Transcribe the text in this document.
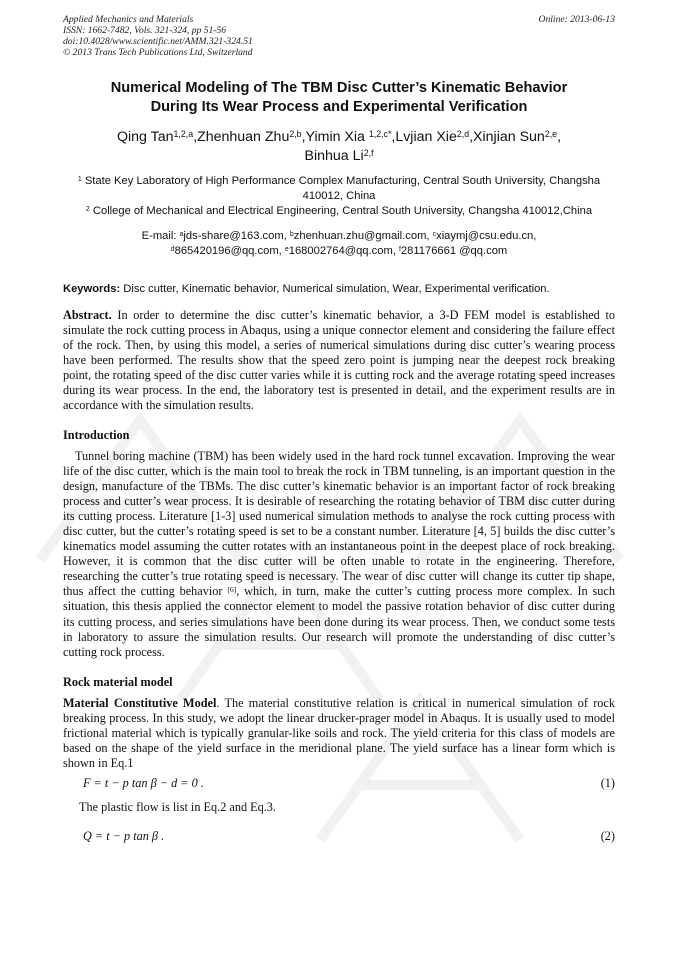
Applied Mechanics and Materials
ISSN: 1662-7482, Vols. 321-324, pp 51-56
doi:10.4028/www.scientific.net/AMM.321-324.51
© 2013 Trans Tech Publications Ltd, Switzerland
Online: 2013-06-13
Numerical Modeling of The TBM Disc Cutter’s Kinematic Behavior
During Its Wear Process and Experimental Verification
Qing Tan$^{1,2,a}$,Zhenhuan Zhu$^{2,b}$,Yimin Xia $^{1,2,c*}$,Lvjian Xie$^{2,d}$,Xinjian Sun$^{2,e}$,
Binhua Li$^{2,f}$
$^1$ State Key Laboratory of High Performance Complex Manufacturing, Central South University, Changsha 410012, China
$^2$ College of Mechanical and Electrical Engineering, Central South University, Changsha 410012,China
E-mail: $^a$jds-share@163.com, $^b$zhenhuan.zhu@gmail.com, $^c$xiaymj@csu.edu.cn,
$^d$865420196@qq.com, $^e$168002764@qq.com, $^f$281176661 @qq.com
Keywords: Disc cutter, Kinematic behavior, Numerical simulation, Wear, Experimental verification.
Abstract. In order to determine the disc cutter’s kinematic behavior, a 3-D FEM model is established to simulate the rock cutting process in Abaqus, using a unique connector element and considering the failure effect of the rock. Then, by using this model, a series of numerical simulations during disc cutter’s wearing process have been performed. The results show that the speed zero point is jumping near the deepest rock breaking point, the rotating speed of the disc cutter varies while it is cutting rock and the average rotating speed increases during its wear process. In the end, the laboratory test is presented in detail, and the experiment results are in accordance with the simulation results.
Introduction
Tunnel boring machine (TBM) has been widely used in the hard rock tunnel excavation. Improving the wear life of the disc cutter, which is the main tool to break the rock in TBM tunneling, is an important question in the design, manufacture of the TBMs. The disc cutter’s kinematic behavior is an important factor of rock breaking process and cutter’s wear process. It is desirable of researching the rotating behavior of TBM disc cutter during its cutting process. Literature [1-3] used numerical simulation methods to analyse the rock cutting process with disc cutter, but the cutter’s rotating speed is set to be a constant number. Literature [4, 5] builds the disc cutter’s kinematics model assuming the cutter rotates with an instantaneous point in the deepest place of rock breaking. However, it is common that the disc cutter will be often unable to rotate in the engineering. Therefore, researching the cutter’s true rotating speed is necessary. The wear of disc cutter will change its cutter tip shape, thus affect the cutting behavior [6], which, in turn, make the cutter’s cutting process more complex. In such situation, this thesis applied the connector element to model the passive rotation behavior of disc cutter during its cutting process, and series simulations have been done during its wear process. Then, we conduct some tests in laboratory to assure the simulation results. Our research will promote the understanding of disc cutter’s cutting rock process.
Rock material model
Material Constitutive Model. The material constitutive relation is critical in numerical simulation of rock breaking process. In this study, we adopt the linear drucker-prager model in Abaqus. It is usually used to model frictional material which is typically granular-like soils and rock. The yield criteria for this class of models are based on the shape of the yield surface in the meridional plane. The yield surface has a linear form which is shown in Eq.1
F = t − p tan β − d = 0 .	(1)
The plastic flow is list in Eq.2 and Eq.3.
Q = t − p tan β .	(2)
